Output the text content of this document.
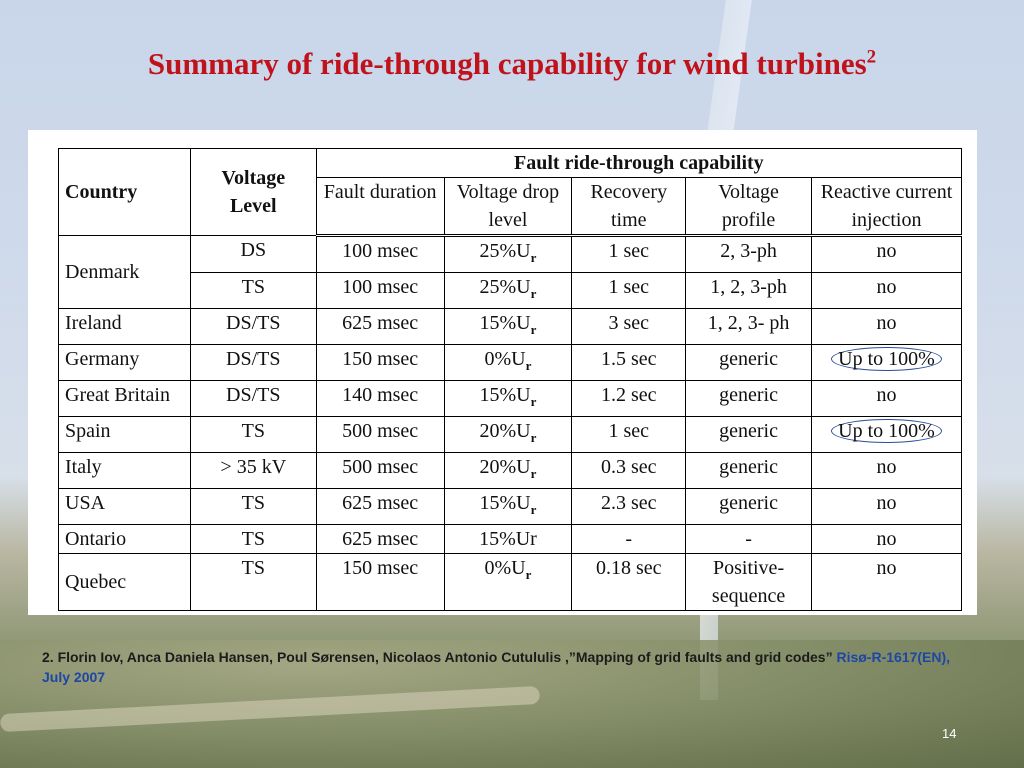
Summary of ride-through capability for wind turbines$^2$
Country	Voltage Level	Fault ride-through capability				
		Fault duration	Voltage drop level	Recovery time	Voltage profile	Reactive current injection
Denmark	DS	100 msec	$25\%U_r$	1 sec	2, 3-ph	no
	TS	100 msec	$25\%U_r$	1 sec	1, 2, 3-ph	no
Ireland	DS/TS	625 msec	$15\%U_r$	3 sec	1, 2, 3- ph	no
Germany	DS/TS	150 msec	$0\%U_r$	1.5 sec	generic	Up to 100%
Great Britain	DS/TS	140 msec	$15\%U_r$	1.2 sec	generic	no
Spain	TS	500 msec	$20\%U_r$	1 sec	generic	Up to 100%
Italy	> 35 kV	500 msec	$20\%U_r$	0.3 sec	generic	no
USA	TS	625 msec	$15\%U_r$	2.3 sec	generic	no
Ontario	TS	625 msec	15%Ur	-	-	no
Quebec	TS	150 msec	$0\%U_r$	0.18 sec	Positive-sequence	no
2. Florin Iov, Anca Daniela Hansen, Poul Sørensen, Nicolaos Antonio Cutululis ,”Mapping of grid faults and grid codes” Risø-R-1617(EN), July 2007
14
